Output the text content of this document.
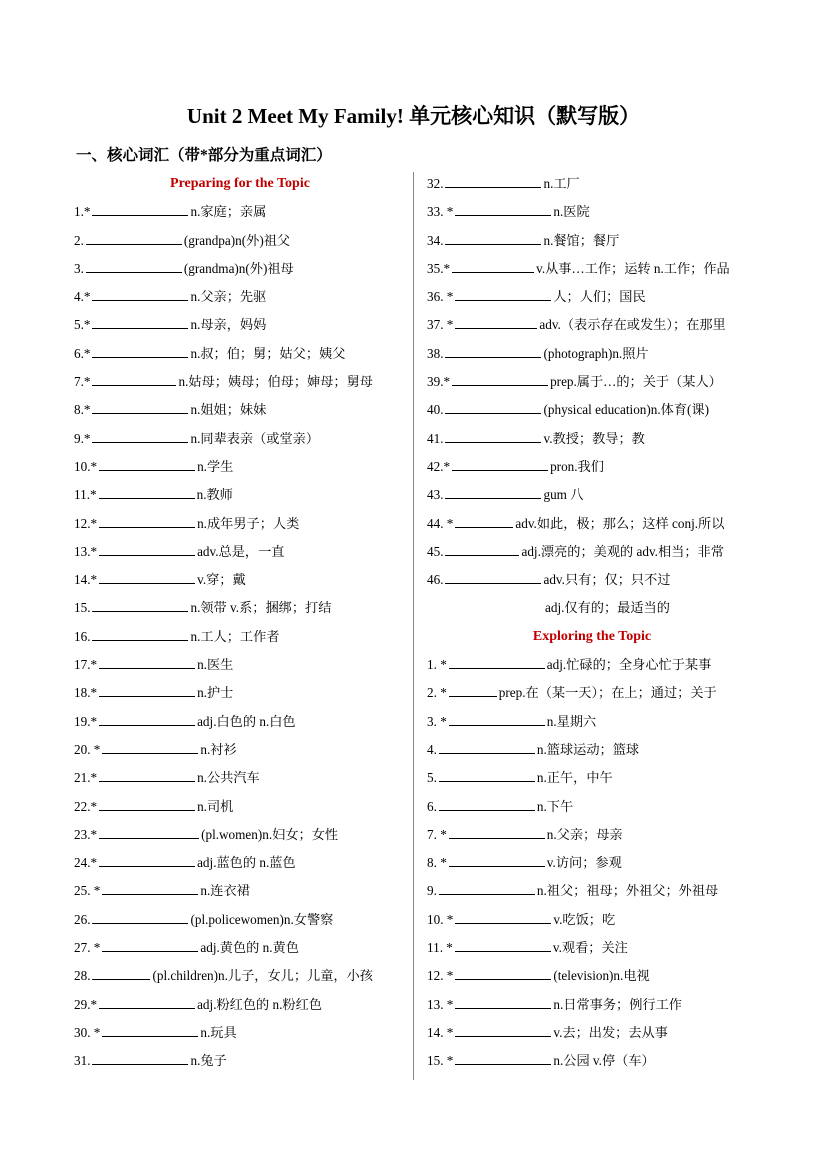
Unit 2 Meet My Family! 单元核心知识（默写版）
一、核心词汇（带*部分为重点词汇）
Preparing for the Topic
1.*	n.家庭；亲属
2.	(grandpa)n(外)祖父
3.	(grandma)n(外)祖母
4.*	n.父亲；先驱
5.*	n.母亲，妈妈
6.*	n.叔；伯；舅；姑父；姨父
7.*	n.姑母；姨母；伯母；婶母；舅母
8.*	n.姐姐；妹妹
9.*	n.同辈表亲（或堂亲）
10.*	n.学生
11.*	n.教师
12.*	n.成年男子；人类
13.*	adv.总是，一直
14.*	v.穿；戴
15.	n.领带 v.系；捆绑；打结
16.	n.工人；工作者
17.*	n.医生
18.*	n.护士
19.*	adj.白色的 n.白色
20. *	n.衬衫
21.*	n.公共汽车
22.*	n.司机
23.*	(pl.women)n.妇女；女性
24.*	adj.蓝色的 n.蓝色
25. *	n.连衣裙
26.	(pl.policewomen)n.女警察
27. *	adj.黄色的 n.黄色
28.	(pl.children)n.儿子，女儿；儿童，小孩
29.*	adj.粉红色的 n.粉红色
30. *	n.玩具
31.	n.兔子
32.	n.工厂
33. *	n.医院
34.	n.餐馆；餐厅
35.*	v.从事…工作；运转 n.工作；作品
36. *	人；人们；国民
37. *	adv.（表示存在或发生）；在那里
38.	(photograph)n.照片
39.*	prep.属于…的；关于（某人）
40.	(physical education)n.体育(课)
41.	v.教授；教导；教
42.*	pron.我们
43.	gum 八
44. *	adv.如此，极；那么；这样 conj.所以
45.	adj.漂亮的；美观的 adv.相当；非常
46.	adv.只有；仅；只不过
adj.仅有的；最适当的
Exploring the Topic
1. *	adj.忙碌的；全身心忙于某事
2. *	prep.在（某一天）；在上；通过；关于
3. *	n.星期六
4.	n.篮球运动；篮球
5.	n.正午，中午
6.	n.下午
7. *	n.父亲；母亲
8. *	v.访问；参观
9.	n.祖父；祖母；外祖父；外祖母
10. *	v.吃饭；吃
11. *	v.观看；关注
12. *	(television)n.电视
13. *	n.日常事务；例行工作
14. *	v.去；出发；去从事
15. *	n.公园 v.停（车）
